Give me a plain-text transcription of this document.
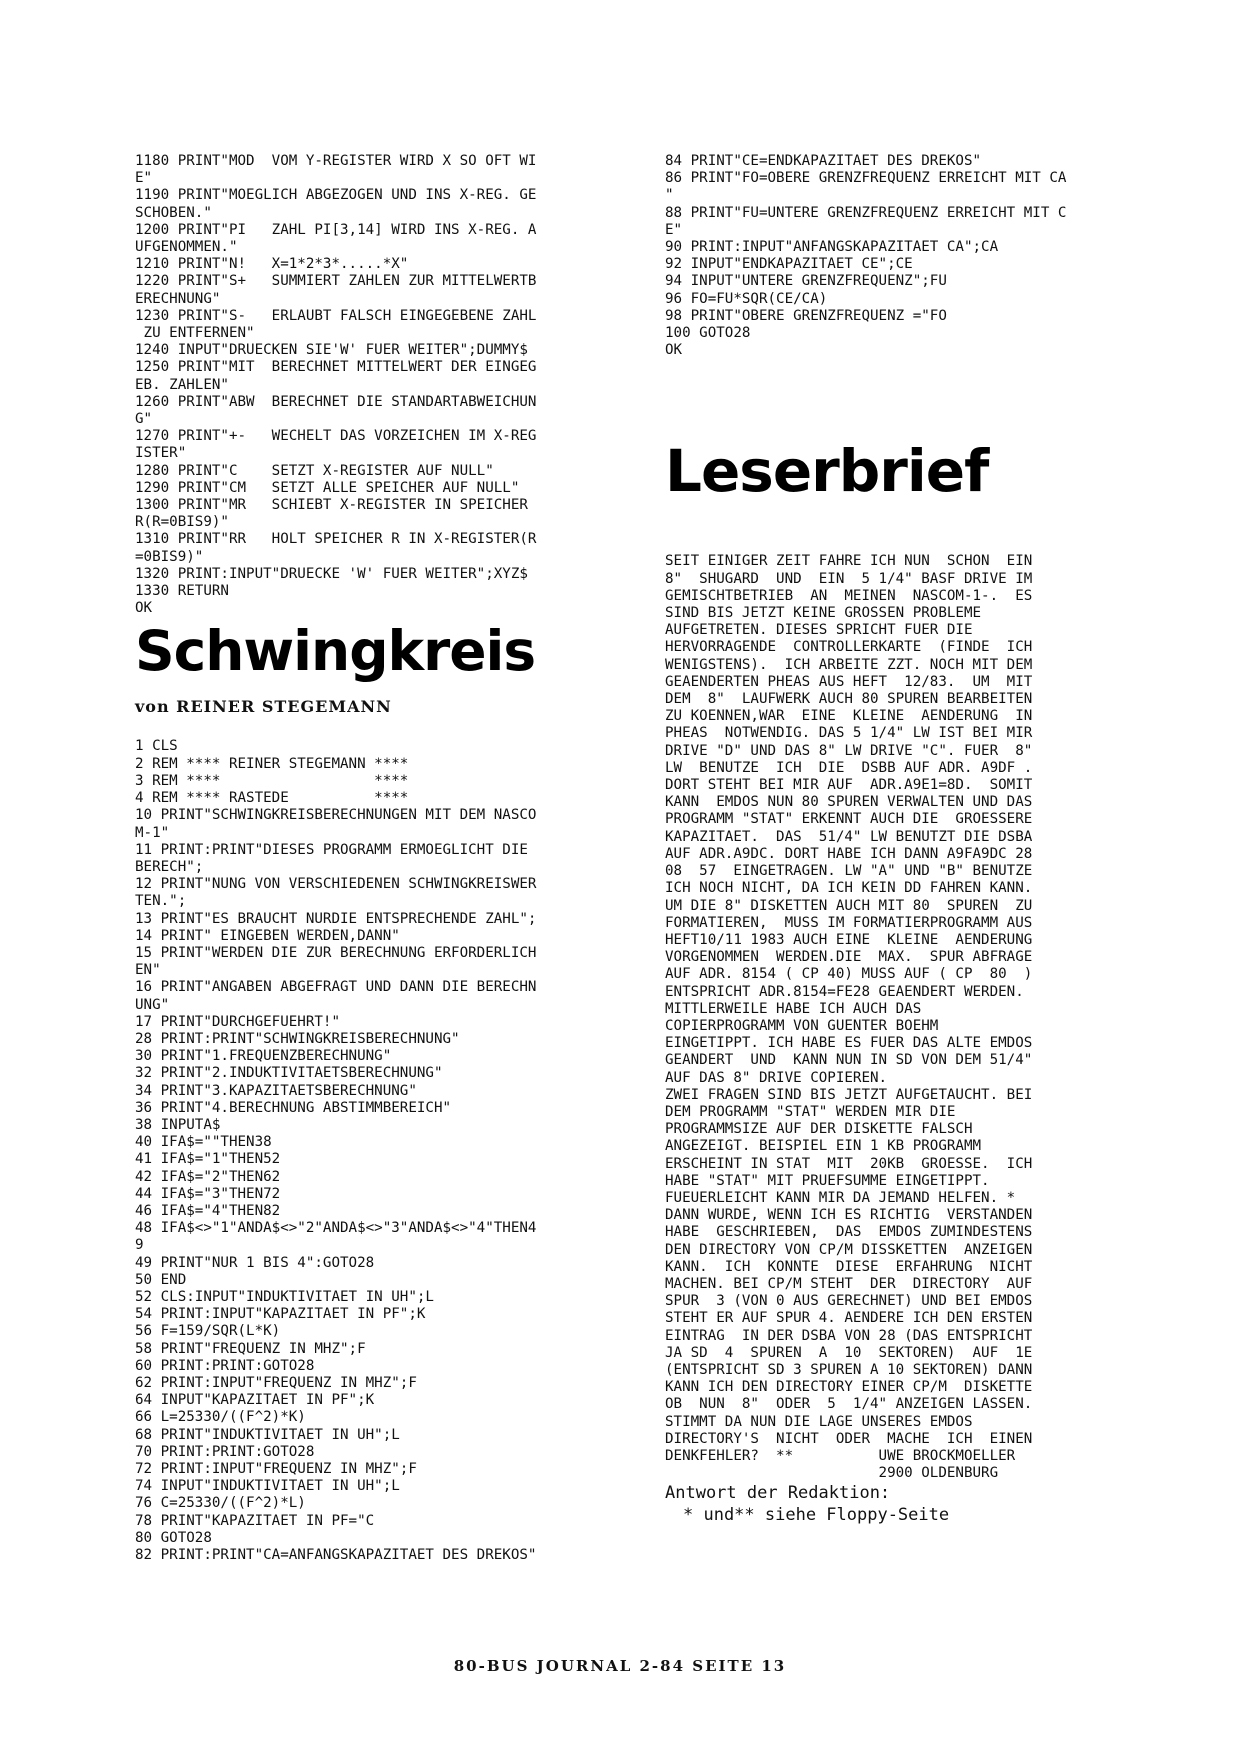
1180 PRINT"MOD  VOM Y-REGISTER WIRD X SO OFT WI
E"
1190 PRINT"MOEGLICH ABGEZOGEN UND INS X-REG. GE
SCHOBEN."
1200 PRINT"PI   ZAHL PI[3,14] WIRD INS X-REG. A
UFGENOMMEN."
1210 PRINT"N!   X=1*2*3*.....*X"
1220 PRINT"S+   SUMMIERT ZAHLEN ZUR MITTELWERTB
ERECHNUNG"
1230 PRINT"S-   ERLAUBT FALSCH EINGEGEBENE ZAHL
ZU ENTFERNEN"
1240 INPUT"DRUECKEN SIE'W' FUER WEITER";DUMMY$
1250 PRINT"MIT  BERECHNET MITTELWERT DER EINGEG
EB. ZAHLEN"
1260 PRINT"ABW  BERECHNET DIE STANDARTABWEICHUN
G"
1270 PRINT"+-   WECHELT DAS VORZEICHEN IM X-REG
ISTER"
1280 PRINT"C    SETZT X-REGISTER AUF NULL"
1290 PRINT"CM   SETZT ALLE SPEICHER AUF NULL"
1300 PRINT"MR   SCHIEBT X-REGISTER IN SPEICHER
R(R=0BIS9)"
1310 PRINT"RR   HOLT SPEICHER R IN X-REGISTER(R
=0BIS9)"
1320 PRINT:INPUT"DRUECKE 'W' FUER WEITER";XYZ$
1330 RETURN
OK
Schwingkreis
von REINER STEGEMANN
1 CLS
2 REM **** REINER STEGEMANN ****
3 REM ****                  ****
4 REM **** RASTEDE          ****
10 PRINT"SCHWINGKREISBERECHNUNGEN MIT DEM NASCO
M-1"
11 PRINT:PRINT"DIESES PROGRAMM ERMOEGLICHT DIE
BERECH";
12 PRINT"NUNG VON VERSCHIEDENEN SCHWINGKREISWER
TEN.";
13 PRINT"ES BRAUCHT NURDIE ENTSPRECHENDE ZAHL";
14 PRINT" EINGEBEN WERDEN,DANN"
15 PRINT"WERDEN DIE ZUR BERECHNUNG ERFORDERLICH
EN"
16 PRINT"ANGABEN ABGEFRAGT UND DANN DIE BERECHN
UNG"
17 PRINT"DURCHGEFUEHRT!"
28 PRINT:PRINT"SCHWINGKREISBERECHNUNG"
30 PRINT"1.FREQUENZBERECHNUNG"
32 PRINT"2.INDUKTIVITAETSBERECHNUNG"
34 PRINT"3.KAPAZITAETSBERECHNUNG"
36 PRINT"4.BERECHNUNG ABSTIMMBEREICH"
38 INPUTA$
40 IFA$=""THEN38
41 IFA$="1"THEN52
42 IFA$="2"THEN62
44 IFA$="3"THEN72
46 IFA$="4"THEN82
48 IFA$<>"1"ANDA$<>"2"ANDA$<>"3"ANDA$<>"4"THEN4
9
49 PRINT"NUR 1 BIS 4":GOTO28
50 END
52 CLS:INPUT"INDUKTIVITAET IN UH";L
54 PRINT:INPUT"KAPAZITAET IN PF";K
56 F=159/SQR(L*K)
58 PRINT"FREQUENZ IN MHZ";F
60 PRINT:PRINT:GOTO28
62 PRINT:INPUT"FREQUENZ IN MHZ";F
64 INPUT"KAPAZITAET IN PF";K
66 L=25330/((F^2)*K)
68 PRINT"INDUKTIVITAET IN UH";L
70 PRINT:PRINT:GOTO28
72 PRINT:INPUT"FREQUENZ IN MHZ";F
74 INPUT"INDUKTIVITAET IN UH";L
76 C=25330/((F^2)*L)
78 PRINT"KAPAZITAET IN PF="C
80 GOTO28
82 PRINT:PRINT"CA=ANFANGSKAPAZITAET DES DREKOS"
84 PRINT"CE=ENDKAPAZITAET DES DREKOS"
86 PRINT"FO=OBERE GRENZFREQUENZ ERREICHT MIT CA
"
88 PRINT"FU=UNTERE GRENZFREQUENZ ERREICHT MIT C
E"
90 PRINT:INPUT"ANFANGSKAPAZITAET CA";CA
92 INPUT"ENDKAPAZITAET CE";CE
94 INPUT"UNTERE GRENZFREQUENZ";FU
96 FO=FU*SQR(CE/CA)
98 PRINT"OBERE GRENZFREQUENZ ="FO
100 GOTO28
OK
Leserbrief
SEIT EINIGER ZEIT FAHRE ICH NUN  SCHON  EIN
8"  SHUGARD  UND  EIN  5 1/4" BASF DRIVE IM
GEMISCHTBETRIEB  AN  MEINEN  NASCOM-1-.  ES
SIND BIS JETZT KEINE GROSSEN PROBLEME
AUFGETRETEN. DIESES SPRICHT FUER DIE
HERVORRAGENDE  CONTROLLERKARTE  (FINDE  ICH
WENIGSTENS).  ICH ARBEITE ZZT. NOCH MIT DEM
GEAENDERTEN PHEAS AUS HEFT  12/83.  UM  MIT
DEM  8"  LAUFWERK AUCH 80 SPUREN BEARBEITEN
ZU KOENNEN,WAR  EINE  KLEINE  AENDERUNG  IN
PHEAS  NOTWENDIG. DAS 5 1/4" LW IST BEI MIR
DRIVE "D" UND DAS 8" LW DRIVE "C". FUER  8"
LW  BENUTZE  ICH  DIE  DSBB AUF ADR. A9DF .
DORT STEHT BEI MIR AUF  ADR.A9E1=8D.  SOMIT
KANN  EMDOS NUN 80 SPUREN VERWALTEN UND DAS
PROGRAMM "STAT" ERKENNT AUCH DIE  GROESSERE
KAPAZITAET.  DAS  51/4" LW BENUTZT DIE DSBA
AUF ADR.A9DC. DORT HABE ICH DANN A9FA9DC 28
08  57  EINGETRAGEN. LW "A" UND "B" BENUTZE
ICH NOCH NICHT, DA ICH KEIN DD FAHREN KANN.
UM DIE 8" DISKETTEN AUCH MIT 80  SPUREN  ZU
FORMATIEREN,  MUSS IM FORMATIERPROGRAMM AUS
HEFT10/11 1983 AUCH EINE  KLEINE  AENDERUNG
VORGENOMMEN  WERDEN.DIE  MAX.  SPUR ABFRAGE
AUF ADR. 8154 ( CP 40) MUSS AUF ( CP  80  )
ENTSPRICHT ADR.8154=FE28 GEAENDERT WERDEN.
MITTLERWEILE HABE ICH AUCH DAS
COPIERPROGRAMM VON GUENTER BOEHM
EINGETIPPT. ICH HABE ES FUER DAS ALTE EMDOS
GEANDERT  UND  KANN NUN IN SD VON DEM 51/4"
AUF DAS 8" DRIVE COPIEREN.
ZWEI FRAGEN SIND BIS JETZT AUFGETAUCHT. BEI
DEM PROGRAMM "STAT" WERDEN MIR DIE
PROGRAMMSIZE AUF DER DISKETTE FALSCH
ANGEZEIGT. BEISPIEL EIN 1 KB PROGRAMM
ERSCHEINT IN STAT  MIT  20KB  GROESSE.  ICH
HABE "STAT" MIT PRUEFSUMME EINGETIPPT.
FUEUERLEICHT KANN MIR DA JEMAND HELFEN. *
DANN WURDE, WENN ICH ES RICHTIG  VERSTANDEN
HABE  GESCHRIEBEN,  DAS  EMDOS ZUMINDESTENS
DEN DIRECTORY VON CP/M DISSKETTEN  ANZEIGEN
KANN.  ICH  KONNTE  DIESE  ERFAHRUNG  NICHT
MACHEN. BEI CP/M STEHT  DER  DIRECTORY  AUF
SPUR  3 (VON 0 AUS GERECHNET) UND BEI EMDOS
STEHT ER AUF SPUR 4. AENDERE ICH DEN ERSTEN
EINTRAG  IN DER DSBA VON 28 (DAS ENTSPRICHT
JA SD  4  SPUREN  A  10  SEKTOREN)  AUF  1E
(ENTSPRICHT SD 3 SPUREN A 10 SEKTOREN) DANN
KANN ICH DEN DIRECTORY EINER CP/M  DISKETTE
OB  NUN  8"  ODER  5  1/4" ANZEIGEN LASSEN.
STIMMT DA NUN DIE LAGE UNSERES EMDOS
DIRECTORY'S  NICHT  ODER  MACHE  ICH  EINEN
DENKFEHLER?  **          UWE BROCKMOELLER
2900 OLDENBURG
Antwort der Redaktion:
* und** siehe Floppy-Seite
80-BUS JOURNAL 2-84 SEITE 13
